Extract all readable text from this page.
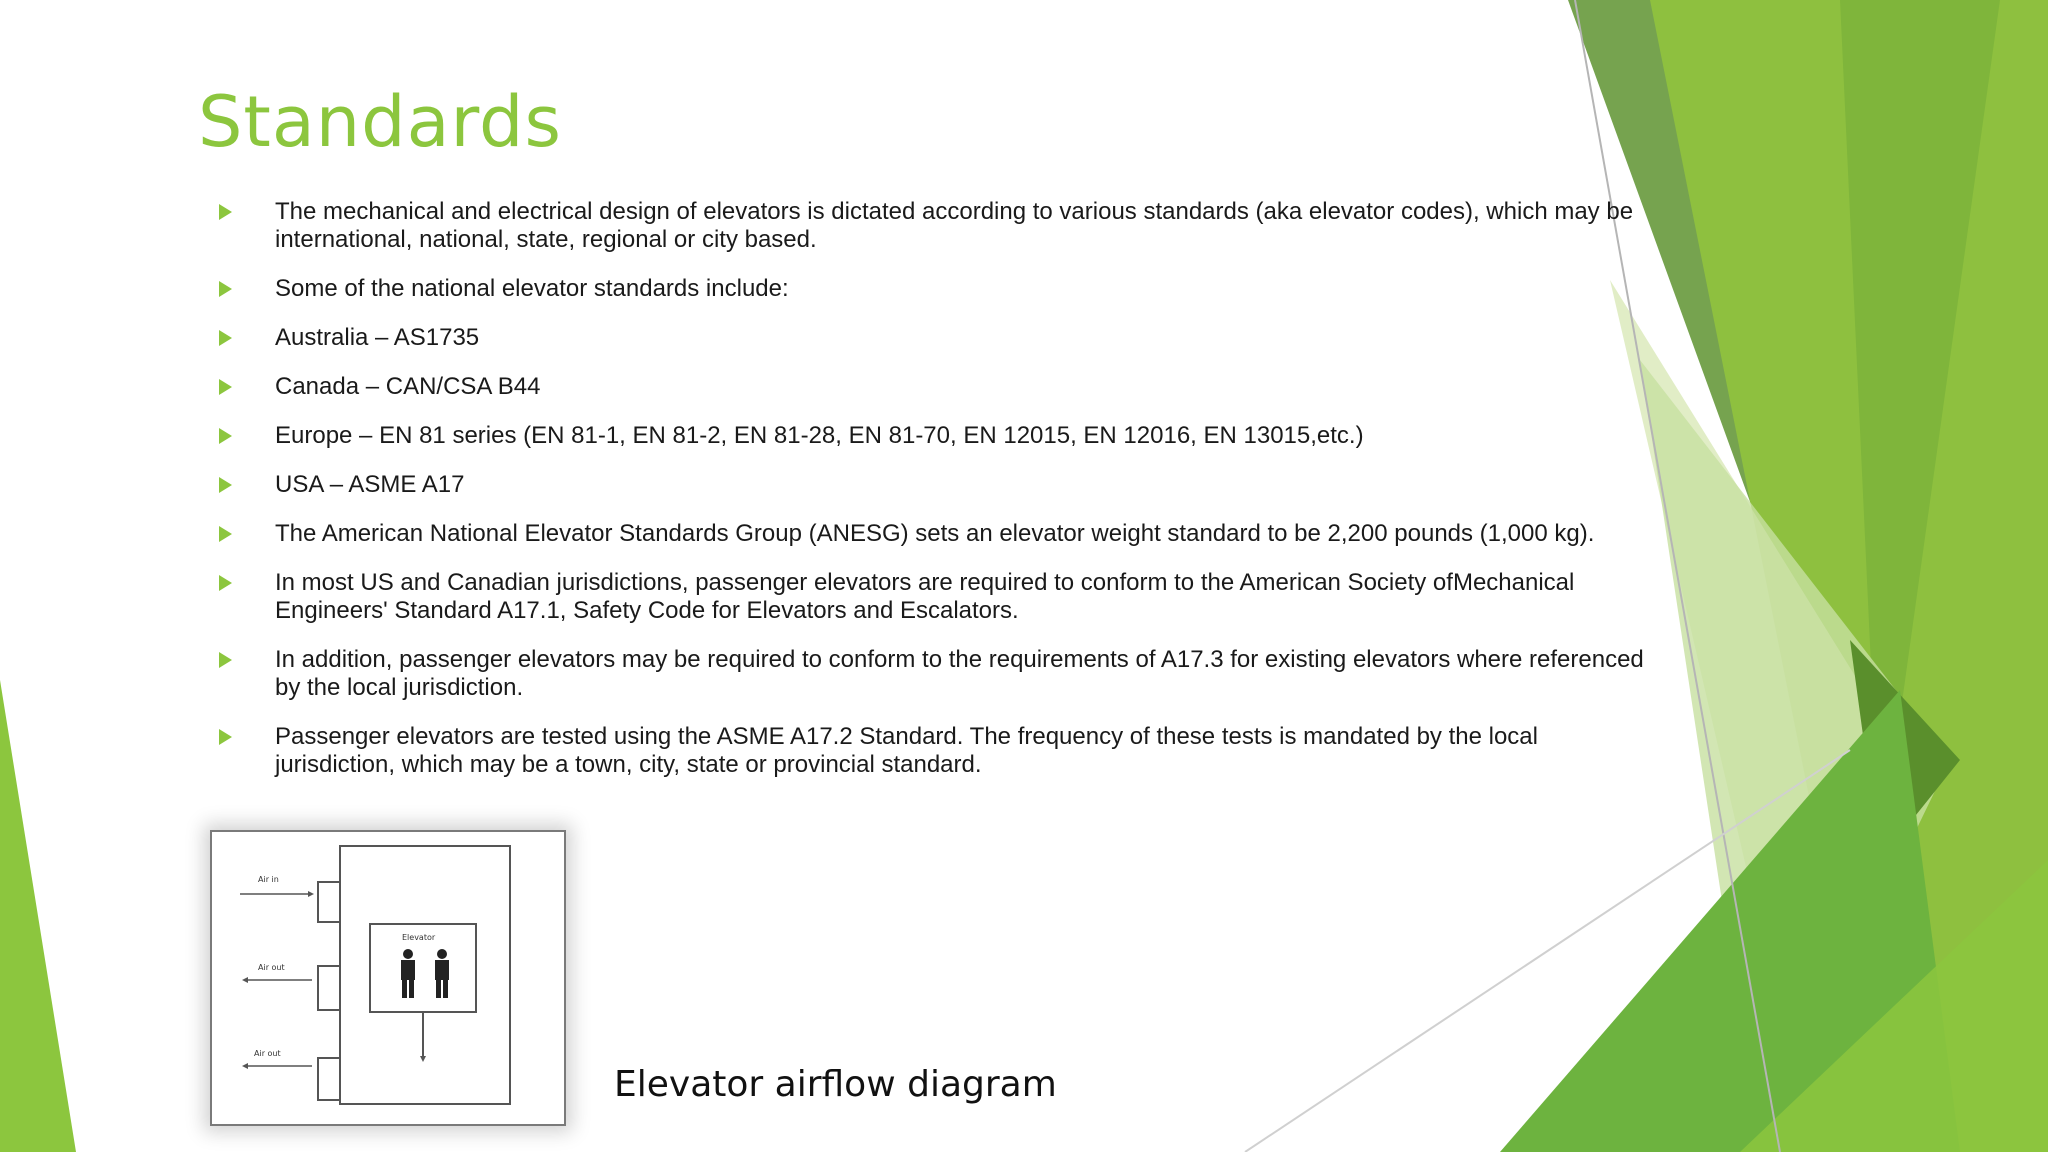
Standards
The mechanical and electrical design of elevators is dictated according to various standards (aka elevator codes), which may be international, national, state, regional or city based.
Some of the national elevator standards include:
Australia – AS1735
Canada – CAN/CSA B44
Europe – EN 81 series (EN 81-1, EN 81-2, EN 81-28, EN 81-70, EN 12015, EN 12016, EN 13015,etc.)
USA – ASME A17
The American National Elevator Standards Group (ANESG) sets an elevator weight standard to be 2,200 pounds (1,000 kg).
In most US and Canadian jurisdictions, passenger elevators are required to conform to the American Society ofMechanical Engineers' Standard A17.1, Safety Code for Elevators and Escalators.
In addition, passenger elevators may be required to conform to the requirements of A17.3 for existing elevators where referenced by the local jurisdiction.
Passenger elevators are tested using the ASME A17.2 Standard. The frequency of these tests is mandated by the local jurisdiction, which may be a town, city, state or provincial standard.
Air in
Air out
Air out
Elevator

Elevator airflow diagram
